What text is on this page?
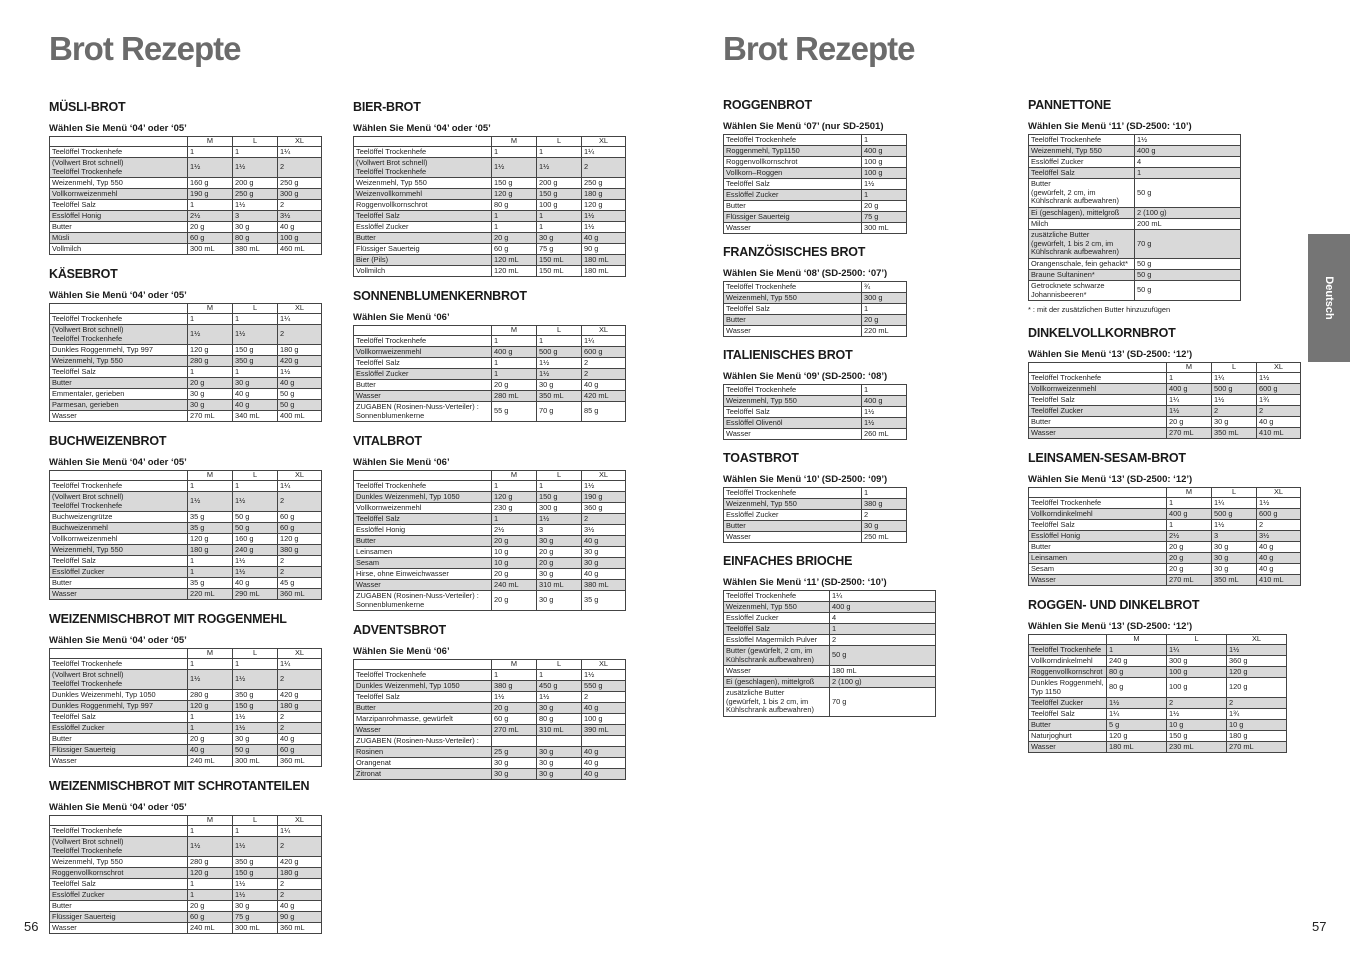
Brot Rezepte	Brot Rezepte
MÜSLI-BROT
Wählen Sie Menü ‘04’ oder ‘05’
	M	L	XL
Teelöffel Trockenhefe	1	1	1¼
(Vollwert Brot schnell)
Teelöffel Trockenhefe	1½	1½	2
Weizenmehl, Typ 550	160 g	200 g	250 g
Vollkornweizenmehl	190 g	250 g	300 g
Teelöffel Salz	1	1½	2
Esslöffel Honig	2½	3	3½
Butter	20 g	30 g	40 g
Müsli	60 g	80 g	100 g
Vollmilch	300 mL	380 mL	460 mL
KÄSEBROT
Wählen Sie Menü ‘04’ oder ‘05’
	M	L	XL
Teelöffel Trockenhefe	1	1	1¼
(Vollwert Brot schnell)
Teelöffel Trockenhefe	1½	1½	2
Dunkles Roggenmehl, Typ 997	120 g	150 g	180 g
Weizenmehl, Typ 550	280 g	350 g	420 g
Teelöffel Salz	1	1	1½
Butter	20 g	30 g	40 g
Emmentaler, gerieben	30 g	40 g	50 g
Parmesan, gerieben	30 g	40 g	50 g
Wasser	270 mL	340 mL	400 mL
BUCHWEIZENBROT
Wählen Sie Menü ‘04’ oder ‘05’
	M	L	XL
Teelöffel Trockenhefe	1	1	1¼
(Vollwert Brot schnell)
Teelöffel Trockenhefe	1½	1½	2
Buchweizengrütze	35 g	50 g	60 g
Buchweizenmehl	35 g	50 g	60 g
Vollkornweizenmehl	120 g	160 g	120 g
Weizenmehl, Typ 550	180 g	240 g	380 g
Teelöffel Salz	1	1½	2
Esslöffel Zucker	1	1½	2
Butter	35 g	40 g	45 g
Wasser	220 mL	290 mL	360 mL
WEIZENMISCHBROT MIT ROGGENMEHL
Wählen Sie Menü ‘04’ oder ‘05’
	M	L	XL
Teelöffel Trockenhefe	1	1	1¼
(Vollwert Brot schnell)
Teelöffel Trockenhefe	1½	1½	2
Dunkles Weizenmehl, Typ 1050	280 g	350 g	420 g
Dunkles Roggenmehl, Typ 997	120 g	150 g	180 g
Teelöffel Salz	1	1½	2
Esslöffel Zucker	1	1½	2
Butter	20 g	30 g	40 g
Flüssiger Sauerteig	40 g	50 g	60 g
Wasser	240 mL	300 mL	360 mL
WEIZENMISCHBROT MIT SCHROTANTEILEN
Wählen Sie Menü ‘04’ oder ‘05’
	M	L	XL
Teelöffel Trockenhefe	1	1	1¼
(Vollwert Brot schnell)
Teelöffel Trockenhefe	1½	1½	2
Weizenmehl, Typ 550	280 g	350 g	420 g
Roggenvollkornschrot	120 g	150 g	180 g
Teelöffel Salz	1	1½	2
Esslöffel Zucker	1	1½	2
Butter	20 g	30 g	40 g
Flüssiger Sauerteig	60 g	75 g	90 g
Wasser	240 mL	300 mL	360 mL
BIER-BROT
Wählen Sie Menü ‘04’ oder ‘05’
	M	L	XL
Teelöffel Trockenhefe	1	1	1¼
(Vollwert Brot schnell)
Teelöffel Trockenhefe	1½	1½	2
Weizenmehl, Typ 550	150 g	200 g	250 g
Weizenvollkornmehl	120 g	150 g	180 g
Roggenvollkornschrot	80 g	100 g	120 g
Teelöffel Salz	1	1	1½
Esslöffel Zucker	1	1	1½
Butter	20 g	30 g	40 g
Flüssiger Sauerteig	60 g	75 g	90 g
Bier (Pils)	120 mL	150 mL	180 mL
Vollmilch	120 mL	150 mL	180 mL
SONNENBLUMENKERNBROT
Wählen Sie Menü ‘06’
	M	L	XL
Teelöffel Trockenhefe	1	1	1¼
Vollkornweizenmehl	400 g	500 g	600 g
Teelöffel Salz	1	1½	2
Esslöffel Zucker	1	1½	2
Butter	20 g	30 g	40 g
Wasser	280 mL	350 mL	420 mL
ZUGABEN (Rosinen-Nuss-Verteiler) :
Sonnenblumenkerne	55 g	70 g	85 g
VITALBROT
Wählen Sie Menü ‘06’
	M	L	XL
Teelöffel Trockenhefe	1	1	1½
Dunkles Weizenmehl, Typ 1050	120 g	150 g	190 g
Vollkornweizenmehl	230 g	300 g	360 g
Teelöffel Salz	1	1½	2
Esslöffel Honig	2½	3	3½
Butter	20 g	30 g	40 g
Leinsamen	10 g	20 g	30 g
Sesam	10 g	20 g	30 g
Hirse, ohne Einweichwasser	20 g	30 g	40 g
Wasser	240 mL	310 mL	380 mL
ZUGABEN (Rosinen-Nuss-Verteiler) :
Sonnenblumenkerne	20 g	30 g	35 g
ADVENTSBROT
Wählen Sie Menü ‘06’
	M	L	XL
Teelöffel Trockenhefe	1	1	1½
Dunkles Weizenmehl, Typ 1050	380 g	450 g	550 g
Teelöffel Salz	1½	1½	2
Butter	20 g	30 g	40 g
Marzipanrohmasse, gewürfelt	60 g	80 g	100 g
Wasser	270 mL	310 mL	390 mL
ZUGABEN (Rosinen-Nuss-Verteiler) :			
Rosinen	25 g	30 g	40 g
Orangenat	30 g	30 g	40 g
Zitronat	30 g	30 g	40 g
ROGGENBROT
Wählen Sie Menü ‘07’ (nur SD-2501)
Teelöffel Trockenhefe	1
Roggenmehl, Typ1150	400 g
Roggenvollkornschrot	100 g
Vollkorn–Roggen	100 g
Teelöffel Salz	1½
Esslöffel Zucker	1
Butter	20 g
Flüssiger Sauerteig	75 g
Wasser	300 mL
FRANZÖSISCHES BROT
Wählen Sie Menü ‘08’ (SD-2500: ‘07’)
Teelöffel Trockenhefe	¾
Weizenmehl, Typ 550	300 g
Teelöffel Salz	1
Butter	20 g
Wasser	220 mL
ITALIENISCHES BROT
Wählen Sie Menü ‘09’ (SD-2500: ‘08’)
Teelöffel Trockenhefe	1
Weizenmehl, Typ 550	400 g
Teelöffel Salz	1½
Esslöffel Olivenöl	1½
Wasser	260 mL
TOASTBROT
Wählen Sie Menü ‘10’ (SD-2500: ‘09’)
Teelöffel Trockenhefe	1
Weizenmehl, Typ 550	380 g
Esslöffel Zucker	2
Butter	30 g
Wasser	250 mL
EINFACHES BRIOCHE
Wählen Sie Menü ‘11’ (SD-2500: ‘10’)
Teelöffel Trockenhefe	1¼
Weizenmehl, Typ 550	400 g
Esslöffel Zucker	4
Teelöffel Salz	1
Esslöffel Magermilch Pulver	2
Butter (gewürfelt, 2 cm, im
Kühlschrank aufbewahren)	50 g
Wasser	180 mL
Ei (geschlagen), mittelgroß	2 (100 g)
zusätzliche Butter
(gewürfelt, 1 bis 2 cm, im
Kühlschrank aufbewahren)	70 g
PANNETTONE
Wählen Sie Menü ‘11’ (SD-2500: ‘10’)
Teelöffel Trockenhefe	1½
Weizenmehl, Typ 550	400 g
Esslöffel Zucker	4
Teelöffel Salz	1
Butter
(gewürfelt, 2 cm, im
Kühlschrank aufbewahren)	50 g
Ei (geschlagen), mittelgroß	2 (100 g)
Milch	200 mL
zusätzliche Butter
(gewürfelt, 1 bis 2 cm, im
Kühlschrank aufbewahren)	70 g
Orangenschale, fein gehackt*	50 g
Braune Sultaninen*	50 g
Getrocknete schwarze
Johannisbeeren*	50 g
* : mit der zusätzlichen Butter hinzuzufügen
DINKELVOLLKORNBROT
Wählen Sie Menü ‘13’ (SD-2500: ‘12’)
	M	L	XL
Teelöffel Trockenhefe	1	1¼	1½
Vollkornweizenmehl	400 g	500 g	600 g
Teelöffel Salz	1¼	1½	1¾
Teelöffel Zucker	1½	2	2
Butter	20 g	30 g	40 g
Wasser	270 mL	350 mL	410 mL
LEINSAMEN-SESAM-BROT
Wählen Sie Menü ‘13’ (SD-2500: ‘12’)
	M	L	XL
Teelöffel Trockenhefe	1	1¼	1½
Vollkorndinkelmehl	400 g	500 g	600 g
Teelöffel Salz	1	1½	2
Esslöffel Honig	2½	3	3½
Butter	20 g	30 g	40 g
Leinsamen	20 g	30 g	40 g
Sesam	20 g	30 g	40 g
Wasser	270 mL	350 mL	410 mL
ROGGEN- UND DINKELBROT
Wählen Sie Menü ‘13’ (SD-2500: ‘12’)
	M	L	XL
Teelöffel Trockenhefe	1	1¼	1½
Vollkorndinkelmehl	240 g	300 g	360 g
Roggenvollkornschrot	80 g	100 g	120 g
Dunkles Roggenmehl,
Typ 1150	80 g	100 g	120 g
Teelöffel Zucker	1½	2	2
Teelöffel Salz	1¼	1½	1¾
Butter	5 g	10 g	10 g
Naturjoghurt	120 g	150 g	180 g
Wasser	180 mL	230 mL	270 mL
Deutsch
56	57
